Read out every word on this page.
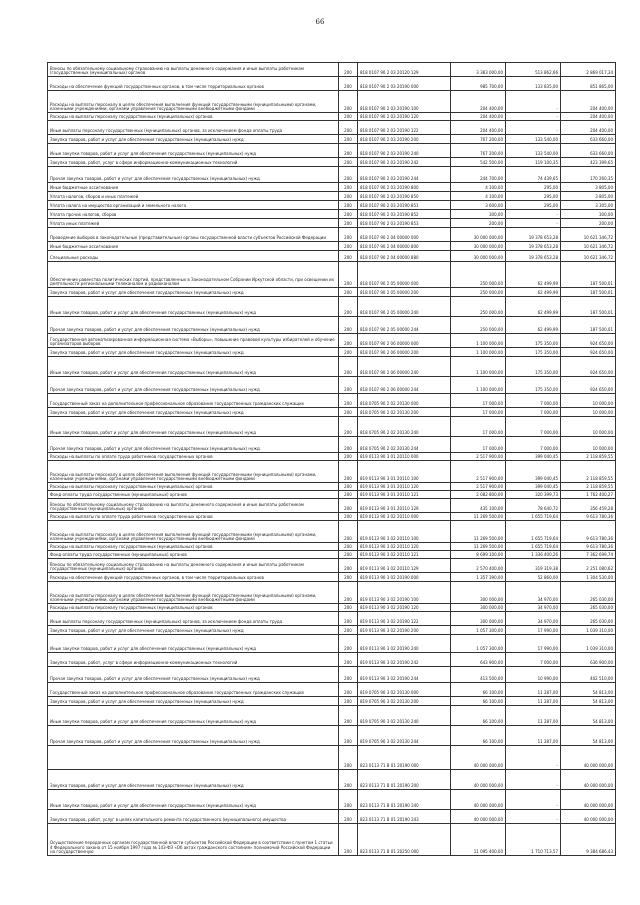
66
Взносы по обязательному социальному страхованию на выплаты денежного содержания и иные выплаты работникам (государственных (муниципальных) органов	200	818 0107 90 2 03 20120 129	3 383 000,00	513 862,66	2 869 017,34
Расходы на обеспечение функций государственных органов, в том числе территориальных органов	200	818 0107 90 2 03 20190 000	985 700,00	133 835,00	851 865,00
Расходы на выплаты персоналу в целях обеспечения выполнения функций государственными (муниципальными) органами, казенными учреждениями, органами управления государственными внебюджетными фондами	200	818 0107 90 2 03 20190 100	204 400,00	-	204 400,00
Расходы на выплаты персоналу государственных (муниципальных) органов	200	818 0107 90 2 03 20190 120	204 400,00	-	204 400,00
Иные выплаты персоналу государственных (муниципальных) органов, за исключением фонда оплаты труда	200	818 0107 90 2 03 20190 122	204 400,00	-	204 400,00
Закупка товаров, работ и услуг для обеспечения государственных (муниципальных) нужд	200	818 0107 90 2 03 20190 200	767 200,00	133 540,00	633 660,00
Иные закупки товаров, работ и услуг для обеспечения государственных (муниципальных) нужд	200	818 0107 90 2 03 20190 240	767 200,00	133 540,00	633 660,00
Закупка товаров, работ, услуг в сфере информационно-коммуникационных технологий	200	818 0107 90 2 03 20190 242	542 500,00	119 100,35	423 399,65
Прочая закупка товаров, работ и услуг для обеспечения государственных (муниципальных) нужд	200	818 0107 90 2 03 20190 244	244 700,00	74 439,65	170 260,35
Иные бюджетные ассигнования	200	818 0107 90 2 03 20190 800	4 100,00	295,00	3 805,00
Уплата налогов, сборов и иных платежей	200	818 0107 90 2 03 20190 850	4 100,00	295,00	3 805,00
Уплата налога на имущество организаций и земельного налога	200	818 0107 90 2 03 20190 851	3 600,00	295,00	3 305,00
Уплата прочих налогов, сборов	200	818 0107 90 2 03 20190 852	300,00	-	300,00
Уплата иных платежей	200	818 0107 90 2 03 20190 853	200,00	-	200,00
Проведение выборов в законодательные (представительные) органы государственной власти субъектов Российской Федерации	200	818 0107 90 2 04 00000 000	30 000 000,00	19 378 653,28	10 621 346,72
Иные бюджетные ассигнования	200	818 0107 90 2 04 00000 800	30 000 000,00	19 378 653,28	10 621 346,72
Специальные расходы	200	818 0107 90 2 04 00000 880	30 000 000,00	19 378 653,28	10 621 346,72
Обеспечение равенства политических партий, представленных в Законодательном Собрании Иркутской области, при освещении их деятельности региональными телеканалом и радиоканалом	200	818 0107 90 2 05 00000 000	250 000,00	62 499,99	187 500,01
Закупка товаров, работ и услуг для обеспечения государственных (муниципальных) нужд	200	818 0107 90 2 05 00000 200	250 000,00	62 499,99	187 500,01
Иные закупки товаров, работ и услуг для обеспечения государственных (муниципальных) нужд	200	818 0107 90 2 05 00000 240	250 000,00	62 499,99	187 500,01
Прочая закупка товаров, работ и услуг для обеспечения государственных (муниципальных) нужд	200	818 0107 90 2 05 00000 244	250 000,00	62 499,99	187 500,01
Государственная автоматизированная информационная система «Выборы», повышение правовой культуры избирателей и обучение организаторов выборов	200	818 0107 90 2 06 00000 000	1 100 000,00	175 350,00	924 650,00
Закупка товаров, работ и услуг для обеспечения государственных (муниципальных) нужд	200	818 0107 90 2 06 00000 200	1 100 000,00	175 350,00	924 650,00
Иные закупки товаров, работ и услуг для обеспечения государственных (муниципальных) нужд	200	818 0107 90 2 06 00000 240	1 100 000,00	175 350,00	924 650,00
Прочая закупка товаров, работ и услуг для обеспечения государственных (муниципальных) нужд	200	818 0107 90 2 06 00000 244	1 100 000,00	175 350,00	924 650,00
Государственный заказ на дополнительное профессиональное образование государственных гражданских служащих	200	818 0705 90 2 02 20130 000	17 000,00	7 000,00	10 000,00
Закупка товаров, работ и услуг для обеспечения государственных (муниципальных) нужд	200	818 0705 90 2 02 20130 200	17 000,00	7 000,00	10 000,00
Иные закупки товаров, работ и услуг для обеспечения государственных (муниципальных) нужд	200	818 0705 90 2 02 20130 240	17 000,00	7 000,00	10 000,00
Прочая закупка товаров, работ и услуг для обеспечения государственных (муниципальных) нужд	200	818 0705 90 2 02 20130 244	17 000,00	7 000,00	10 000,00
Расходы на выплаты по оплате труда работников государственных органов	200	819 0113 90 3 01 20110 000	2 517 900,00	399 040,45	2 118 859,55
Расходы на выплаты персоналу в целях обеспечения выполнения функций государственными (муниципальными) органами, казенными учреждениями, органами управления государственными внебюджетными фондами	200	819 0113 90 3 01 20110 100	2 517 900,00	399 040,45	2 118 859,55
Расходы на выплаты персоналу государственных (муниципальных) органов	200	819 0113 90 3 01 20110 120	2 517 900,00	399 040,45	2 118 859,55
Фонд оплаты труда государственных (муниципальных) органов	200	819 0113 90 3 01 20110 121	2 082 800,00	320 399,73	1 762 400,27
Взносы по обязательному социальному страхованию на выплаты денежного содержания и иные выплаты работникам государственных (муниципальных) органов	200	819 0113 90 3 01 20110 129	435 100,00	78 640,72	356 459,28
Расходы на выплаты по оплате труда работников государственных органов	200	819 0113 90 3 02 20110 000	11 269 500,00	1 655 719,64	9 613 780,36
Расходы на выплаты персоналу в целях обеспечения выполнения функций государственными (муниципальными) органами, казенными учреждениями, органами управления государственными внебюджетными фондами	200	819 0113 90 3 02 20110 100	11 269 500,00	1 655 719,64	9 613 780,36
Расходы на выплаты персоналу государственных (муниципальных) органов	200	819 0113 90 3 02 20110 120	11 269 500,00	1 655 719,64	9 613 780,36
Фонд оплаты труда государственных (муниципальных) органов	200	819 0113 90 3 02 20110 121	8 699 100,00	1 336 400,26	7 362 699,74
Взносы по обязательному социальному страхованию на выплаты денежного содержания и иные выплаты работникам государственных (муниципальных) органов	200	819 0113 90 3 02 20110 129	2 570 400,00	319 319,38	2 251 080,62
Расходы на обеспечение функций государственных органов, в том числе территориальных органов	200	819 0113 90 3 02 20190 000	1 357 390,00	52 860,00	1 304 530,00
Расходы на выплаты персоналу в целях обеспечения выполнения функций государственными (муниципальными) органами, казенными учреждениями, органами управления государственными внебюджетными фондами	200	819 0113 90 3 02 20190 100	300 000,00	34 970,00	265 030,00
Расходы на выплаты персоналу государственных (муниципальных) органов	200	819 0113 90 3 02 20190 120	300 000,00	34 970,00	265 030,00
Иные выплаты персоналу государственных (муниципальных) органов, за исключением фонда оплаты труда	200	819 0113 90 3 02 20190 122	300 000,00	34 970,00	265 030,00
Закупка товаров, работ и услуг для обеспечения государственных (муниципальных) нужд	200	819 0113 90 3 02 20190 200	1 057 300,00	17 990,00	1 039 310,00
Иные закупки товаров, работ и услуг для обеспечения государственных (муниципальных) нужд	200	819 0113 90 3 02 20190 240	1 057 300,00	17 990,00	1 039 310,00
Закупка товаров, работ, услуг в сфере информационно-коммуникационных технологий	200	819 0113 90 3 02 20190 242	643 900,00	7 000,00	636 900,00
Прочая закупка товаров, работ и услуг для обеспечения государственных (муниципальных) нужд	200	819 0113 90 3 02 20190 244	413 500,00	10 990,00	402 510,00
Государственный заказ на дополнительное профессиональное образование государственных гражданских служащих	200	819 0705 90 3 02 20130 000	66 100,00	11 287,00	54 813,00
Закупка товаров, работ и услуг для обеспечения государственных (муниципальных) нужд	200	819 0705 90 3 02 20130 200	66 100,00	11 287,00	54 813,00
Иные закупки товаров, работ и услуг для обеспечения государственных (муниципальных) нужд	200	819 0705 90 3 02 20130 240	66 100,00	11 287,00	54 813,00
Прочая закупка товаров, работ и услуг для обеспечения государственных (муниципальных) нужд	200	819 0705 90 3 02 20130 244	66 100,00	11 287,00	54 813,00
	200	823 0113 71 В 01 20190 000	40 000 000,00	-	40 000 000,00
Закупка товаров, работ и услуг для обеспечения государственных (муниципальных) нужд	200	823 0113 71 В 01 20190 200	40 000 000,00	-	40 000 000,00
Иные закупки товаров, работ и услуг для обеспечения государственных (муниципальных) нужд	200	823 0113 71 В 01 20190 240	40 000 000,00	-	40 000 000,00
Закупка товаров, работ, услуг в целях капитального ремонта государственного (муниципального) имущества	200	823 0113 71 В 01 20190 243	40 000 000,00	-	40 000 000,00
Осуществление переданных органам государственной власти субъектов Российской Федерации в соответствии с пунктом 1 статьи 4 Федерального закона от 15 ноября 1997 года № 143-ФЗ «Об актах гражданского состояния» полномочий Российской Федерации на государственную	200	823 0113 71 В 01 20250 000	11 095 400,00	1 710 713,57	9 384 686,43
